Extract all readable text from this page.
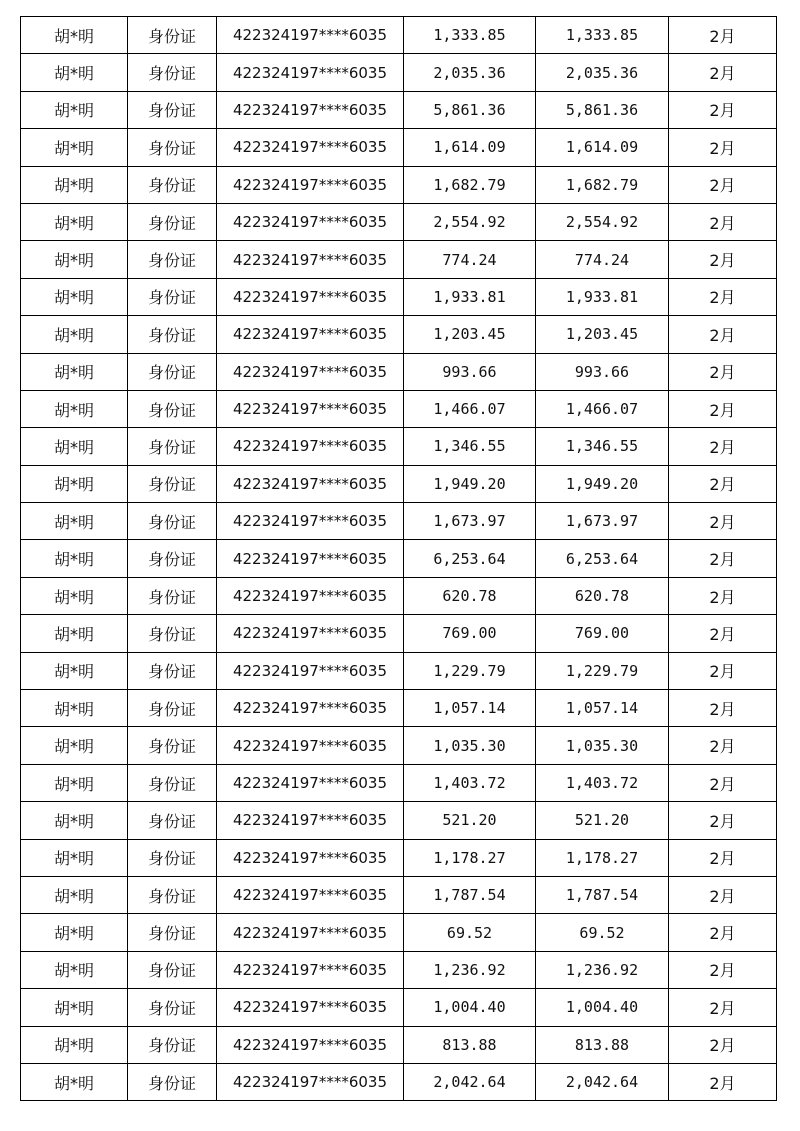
胡*明	身份证	422324197****6035	1,333.85	1,333.85	2月
胡*明	身份证	422324197****6035	2,035.36	2,035.36	2月
胡*明	身份证	422324197****6035	5,861.36	5,861.36	2月
胡*明	身份证	422324197****6035	1,614.09	1,614.09	2月
胡*明	身份证	422324197****6035	1,682.79	1,682.79	2月
胡*明	身份证	422324197****6035	2,554.92	2,554.92	2月
胡*明	身份证	422324197****6035	774.24	774.24	2月
胡*明	身份证	422324197****6035	1,933.81	1,933.81	2月
胡*明	身份证	422324197****6035	1,203.45	1,203.45	2月
胡*明	身份证	422324197****6035	993.66	993.66	2月
胡*明	身份证	422324197****6035	1,466.07	1,466.07	2月
胡*明	身份证	422324197****6035	1,346.55	1,346.55	2月
胡*明	身份证	422324197****6035	1,949.20	1,949.20	2月
胡*明	身份证	422324197****6035	1,673.97	1,673.97	2月
胡*明	身份证	422324197****6035	6,253.64	6,253.64	2月
胡*明	身份证	422324197****6035	620.78	620.78	2月
胡*明	身份证	422324197****6035	769.00	769.00	2月
胡*明	身份证	422324197****6035	1,229.79	1,229.79	2月
胡*明	身份证	422324197****6035	1,057.14	1,057.14	2月
胡*明	身份证	422324197****6035	1,035.30	1,035.30	2月
胡*明	身份证	422324197****6035	1,403.72	1,403.72	2月
胡*明	身份证	422324197****6035	521.20	521.20	2月
胡*明	身份证	422324197****6035	1,178.27	1,178.27	2月
胡*明	身份证	422324197****6035	1,787.54	1,787.54	2月
胡*明	身份证	422324197****6035	69.52	69.52	2月
胡*明	身份证	422324197****6035	1,236.92	1,236.92	2月
胡*明	身份证	422324197****6035	1,004.40	1,004.40	2月
胡*明	身份证	422324197****6035	813.88	813.88	2月
胡*明	身份证	422324197****6035	2,042.64	2,042.64	2月
